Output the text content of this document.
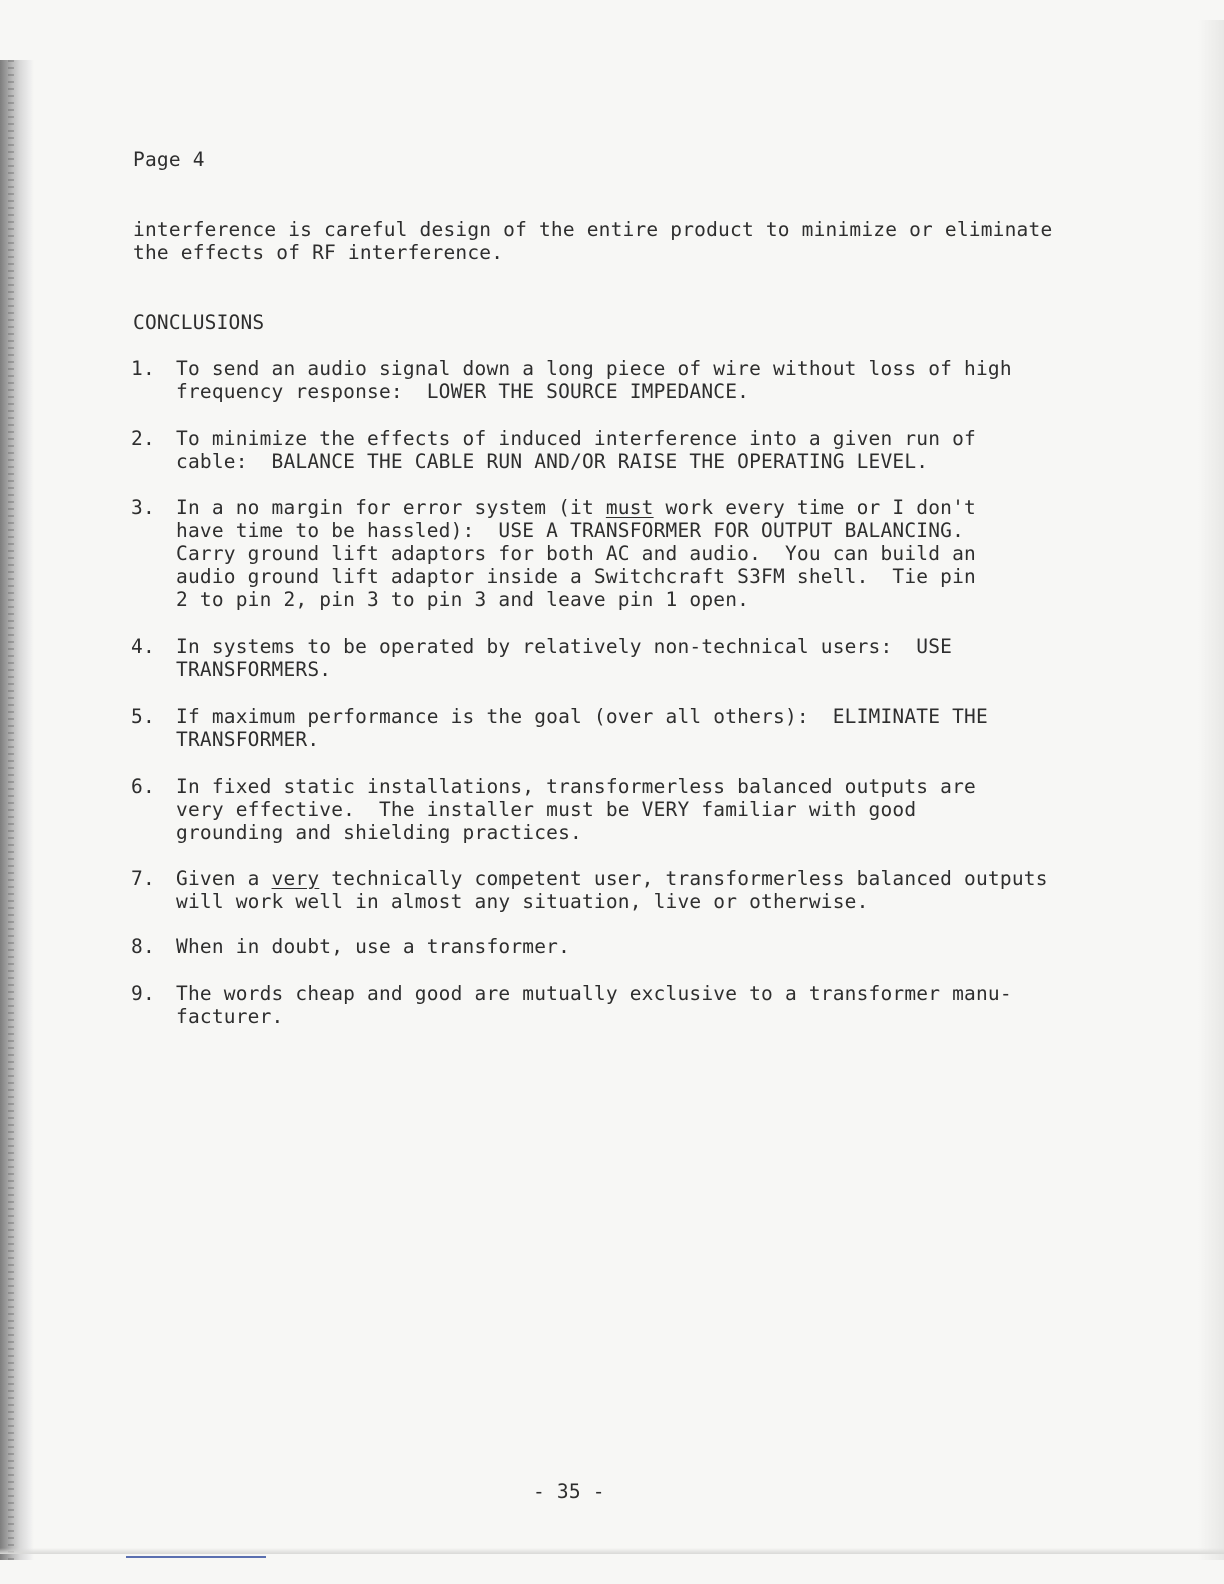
Page 4
interference is careful design of the entire product to minimize or eliminate
the effects of RF interference.
CONCLUSIONS
1. To send an audio signal down a long piece of wire without loss of high
frequency response:  LOWER THE SOURCE IMPEDANCE.
2. To minimize the effects of induced interference into a given run of
cable:  BALANCE THE CABLE RUN AND/OR RAISE THE OPERATING LEVEL.
3. In a no margin for error system (it must work every time or I don't
have time to be hassled):  USE A TRANSFORMER FOR OUTPUT BALANCING.
Carry ground lift adaptors for both AC and audio.  You can build an
audio ground lift adaptor inside a Switchcraft S3FM shell.  Tie pin
2 to pin 2, pin 3 to pin 3 and leave pin 1 open.
4. In systems to be operated by relatively non-technical users:  USE
TRANSFORMERS.
5. If maximum performance is the goal (over all others):  ELIMINATE THE
TRANSFORMER.
6. In fixed static installations, transformerless balanced outputs are
very effective.  The installer must be VERY familiar with good
grounding and shielding practices.
7. Given a very technically competent user, transformerless balanced outputs
will work well in almost any situation, live or otherwise.
8. When in doubt, use a transformer.
9. The words cheap and good are mutually exclusive to a transformer manu-
facturer.
- 35 -
